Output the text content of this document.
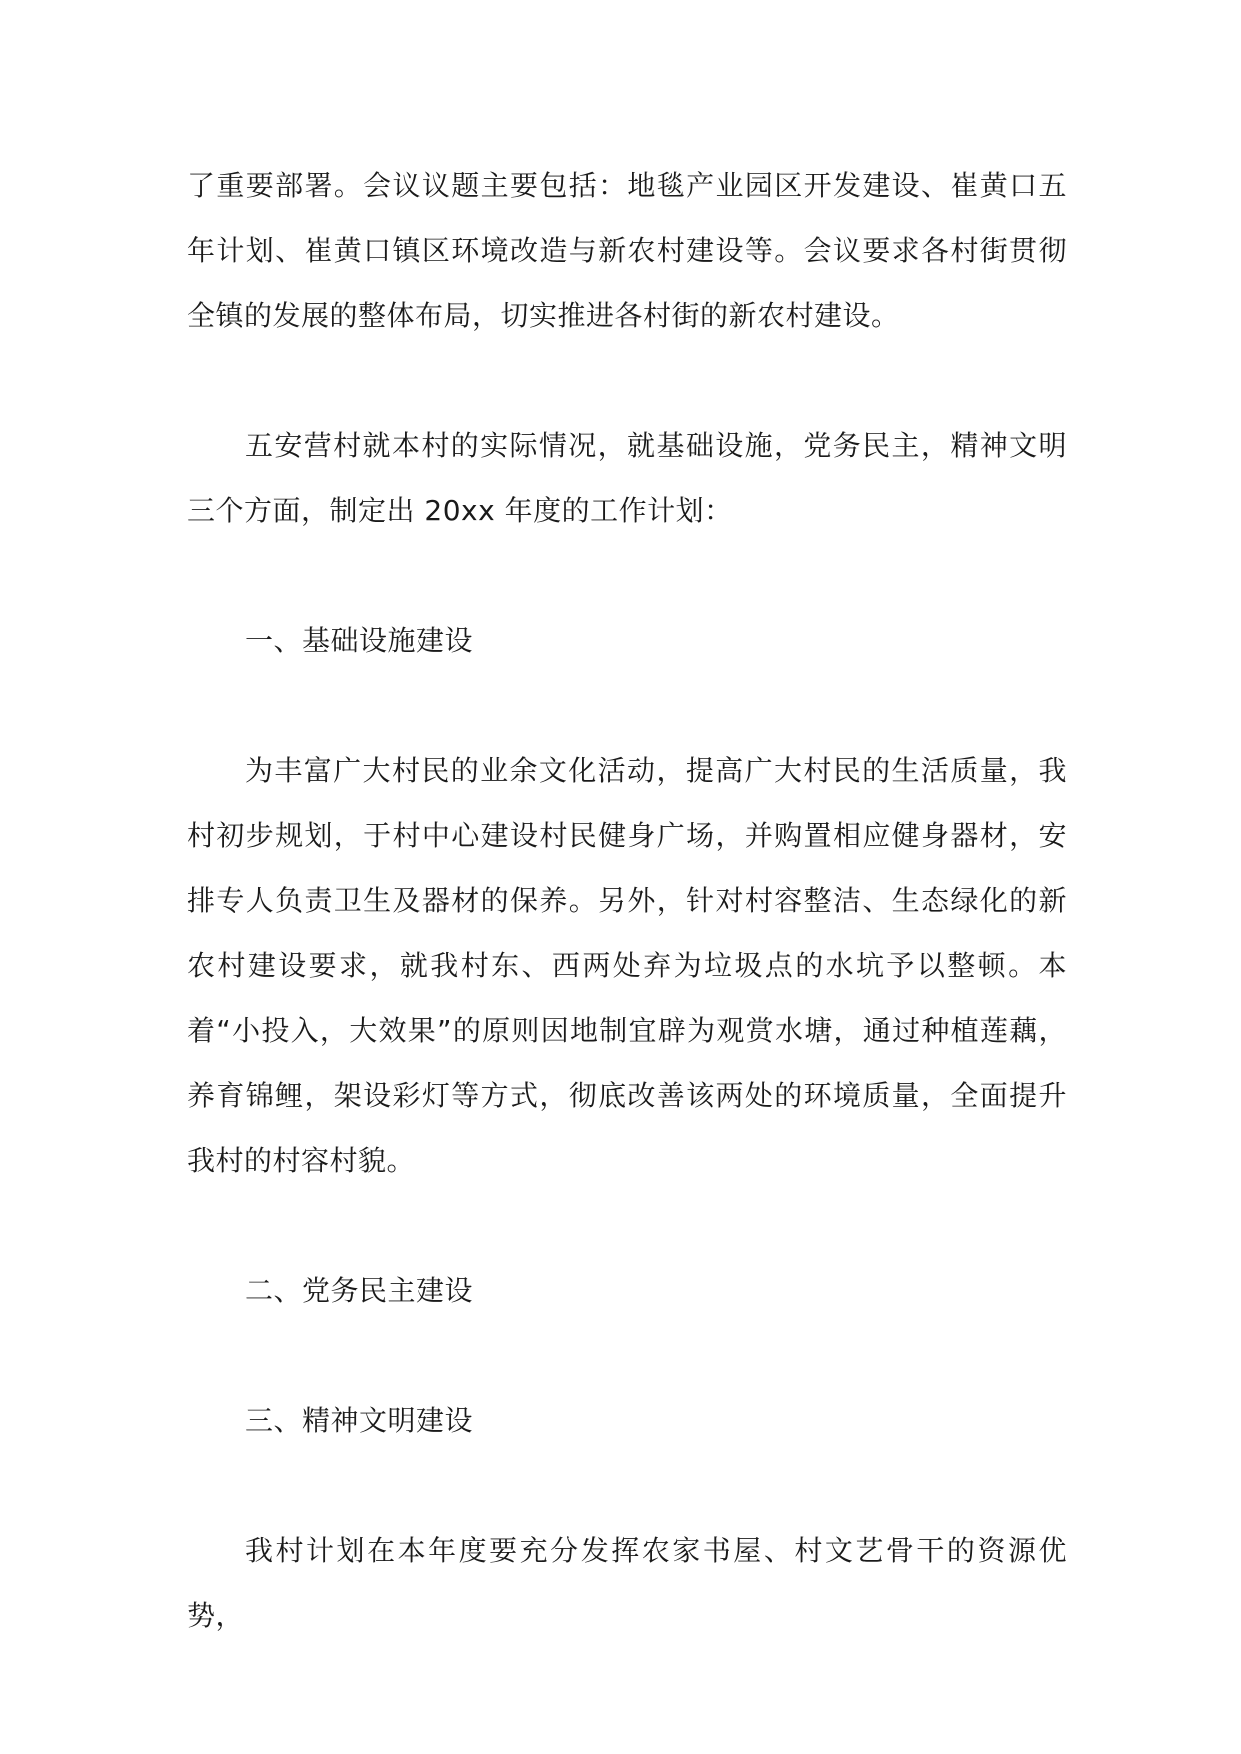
了重要部署。会议议题主要包括：地毯产业园区开发建设、崔黄口五年计划、崔黄口镇区环境改造与新农村建设等。会议要求各村街贯彻全镇的发展的整体布局，切实推进各村街的新农村建设。

五安营村就本村的实际情况，就基础设施，党务民主，精神文明三个方面，制定出 20xx 年度的工作计划：

一、基础设施建设

为丰富广大村民的业余文化活动，提高广大村民的生活质量，我村初步规划，于村中心建设村民健身广场，并购置相应健身器材，安排专人负责卫生及器材的保养。另外，针对村容整洁、生态绿化的新农村建设要求，就我村东、西两处弃为垃圾点的水坑予以整顿。本着“小投入，大效果”的原则因地制宜辟为观赏水塘，通过种植莲藕，养育锦鲤，架设彩灯等方式，彻底改善该两处的环境质量，全面提升我村的村容村貌。

二、党务民主建设

三、精神文明建设

我村计划在本年度要充分发挥农家书屋、村文艺骨干的资源优势，
